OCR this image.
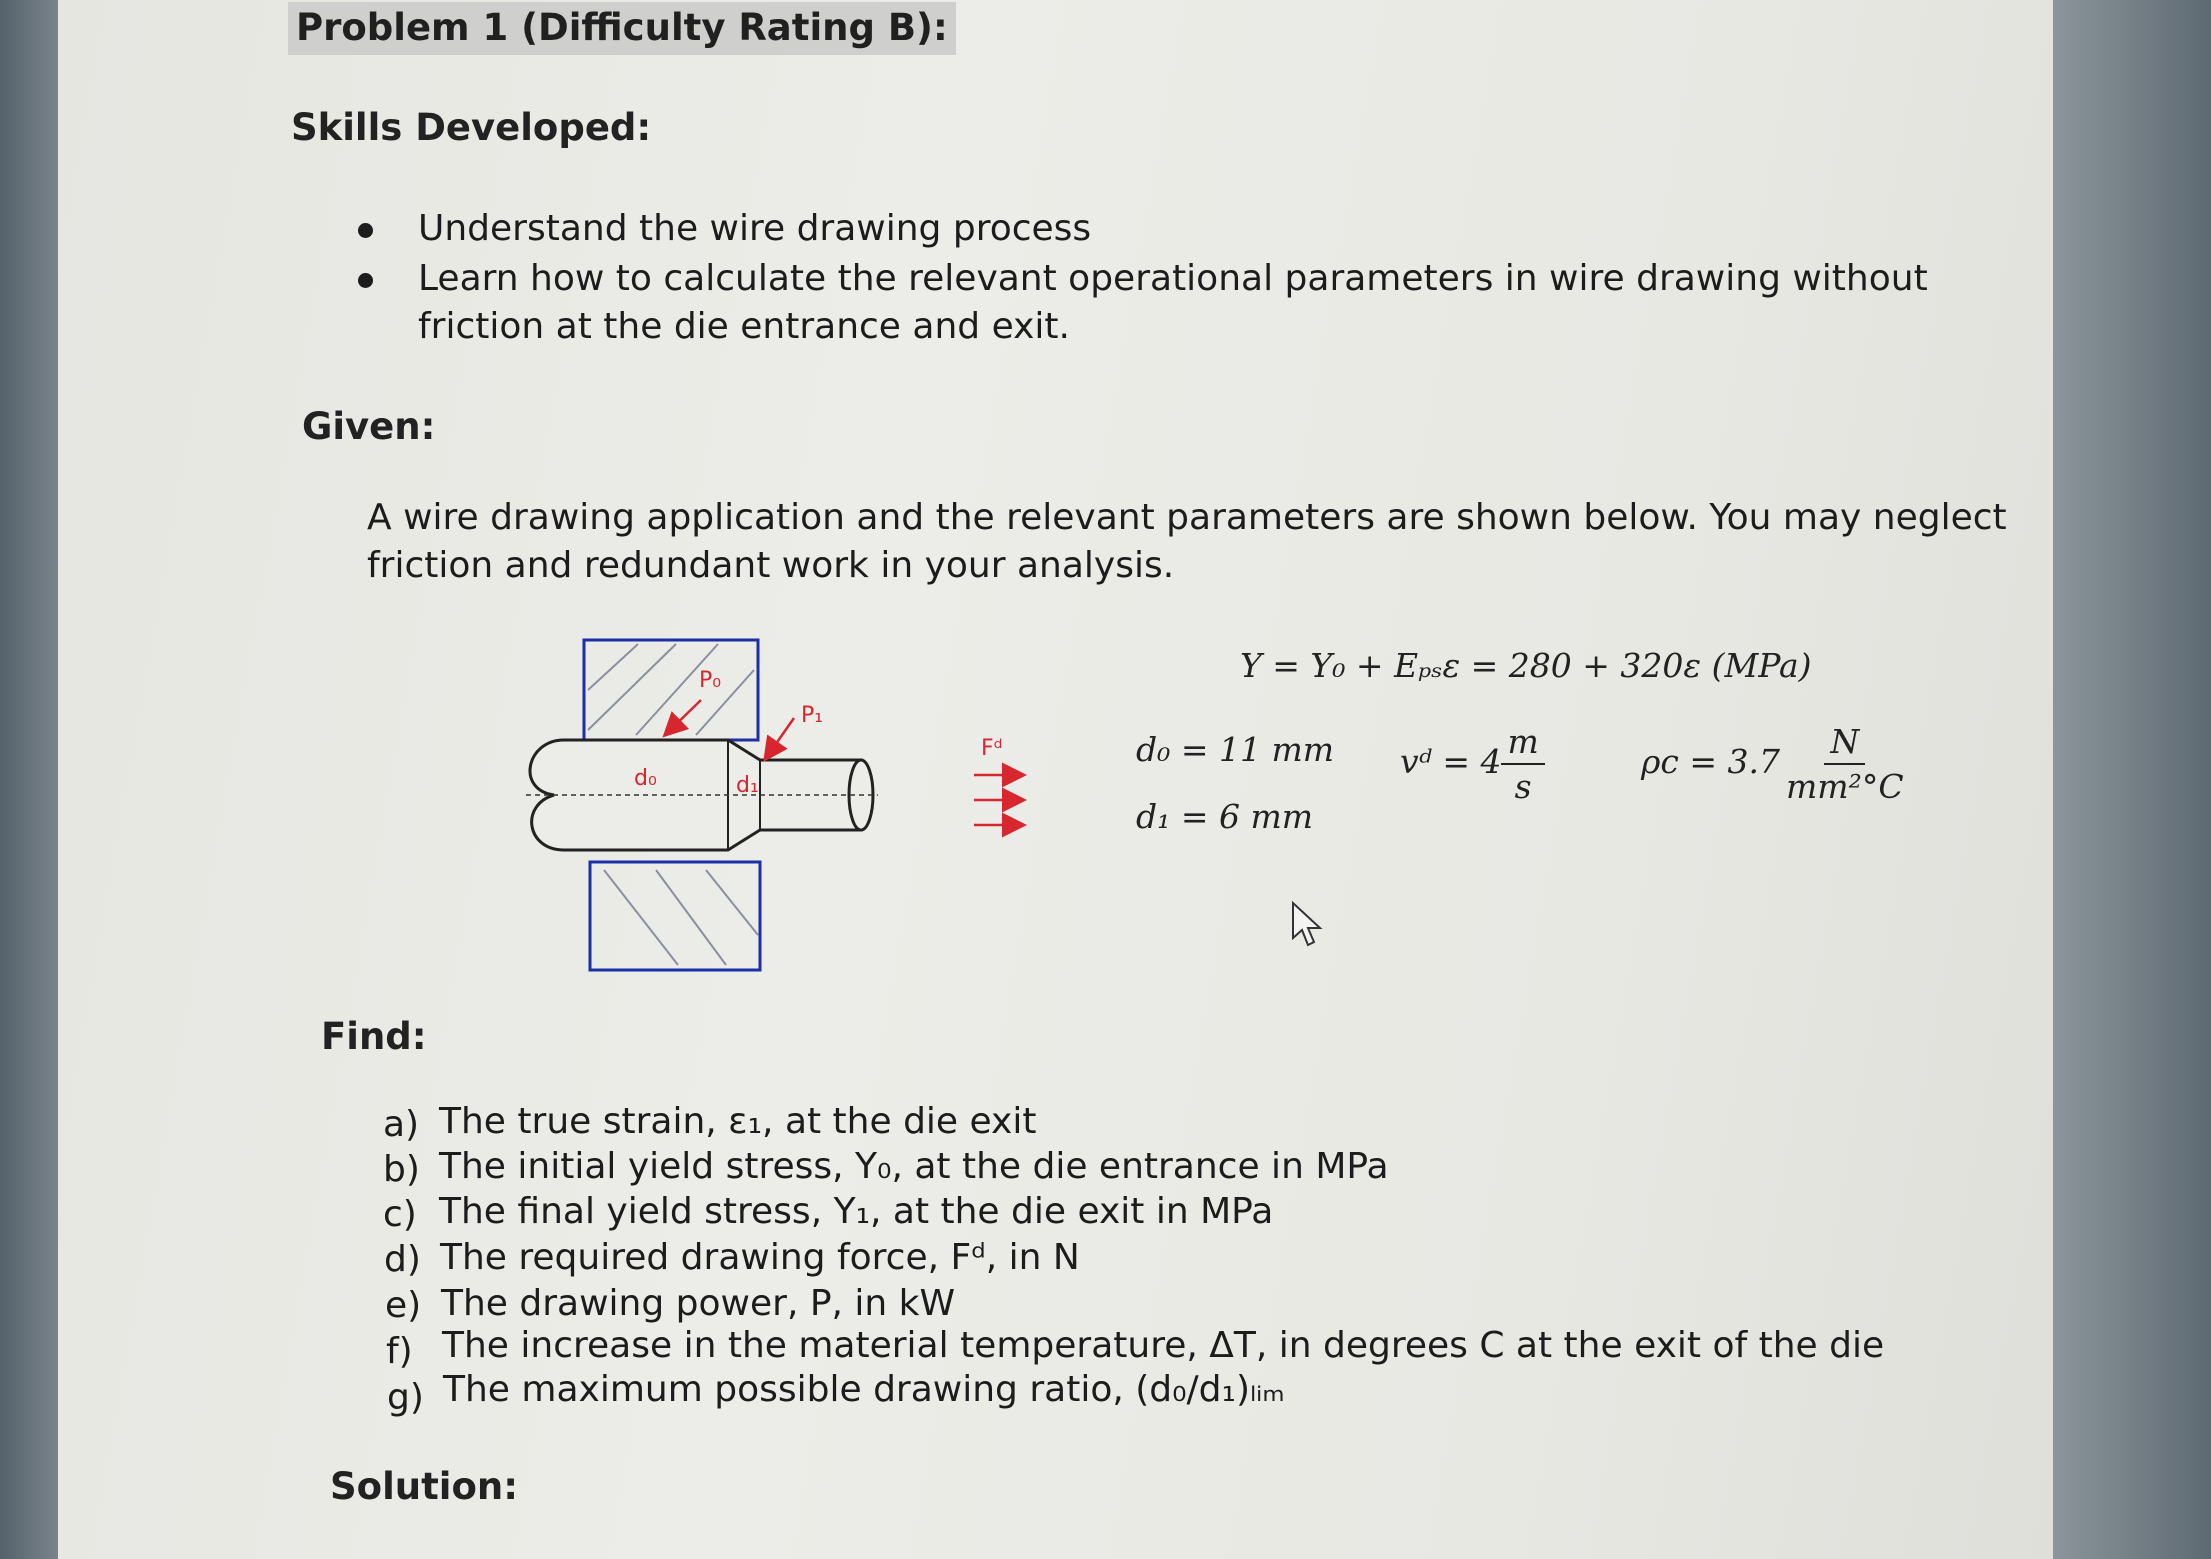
Problem 1 (Difficulty Rating B):
Skills Developed:
Understand the wire drawing process
Learn how to calculate the relevant operational parameters in wire drawing without
friction at the die entrance and exit.
Given:
A wire drawing application and the relevant parameters are shown below. You may neglect
friction and redundant work in your analysis.
P₁
P₀
Fᵈ
d₀	d₁
Y = Y₀ + Eₚₛε = 280 + 320ε (MPa)
d₀ = 11 mm
d₁ = 6 mm
vᵈ = $4 \frac{m}{s}$	$\rho c = 3.7 \frac{N}{\text{mm²°C}}$
Find:
a) The true strain, ε₁, at the die exit
b) The initial yield stress, Y₀, at the die entrance in MPa
c) The final yield stress, Y₁, at the die exit in MPa
d) The required drawing force, Fᵈ, in N
e) The drawing power, P, in kW
f) The increase in the material temperature, ΔT, in degrees C at the exit of the die
g) The maximum possible drawing ratio, (d₀/d₁)ₗᵢₘ
Solution:
